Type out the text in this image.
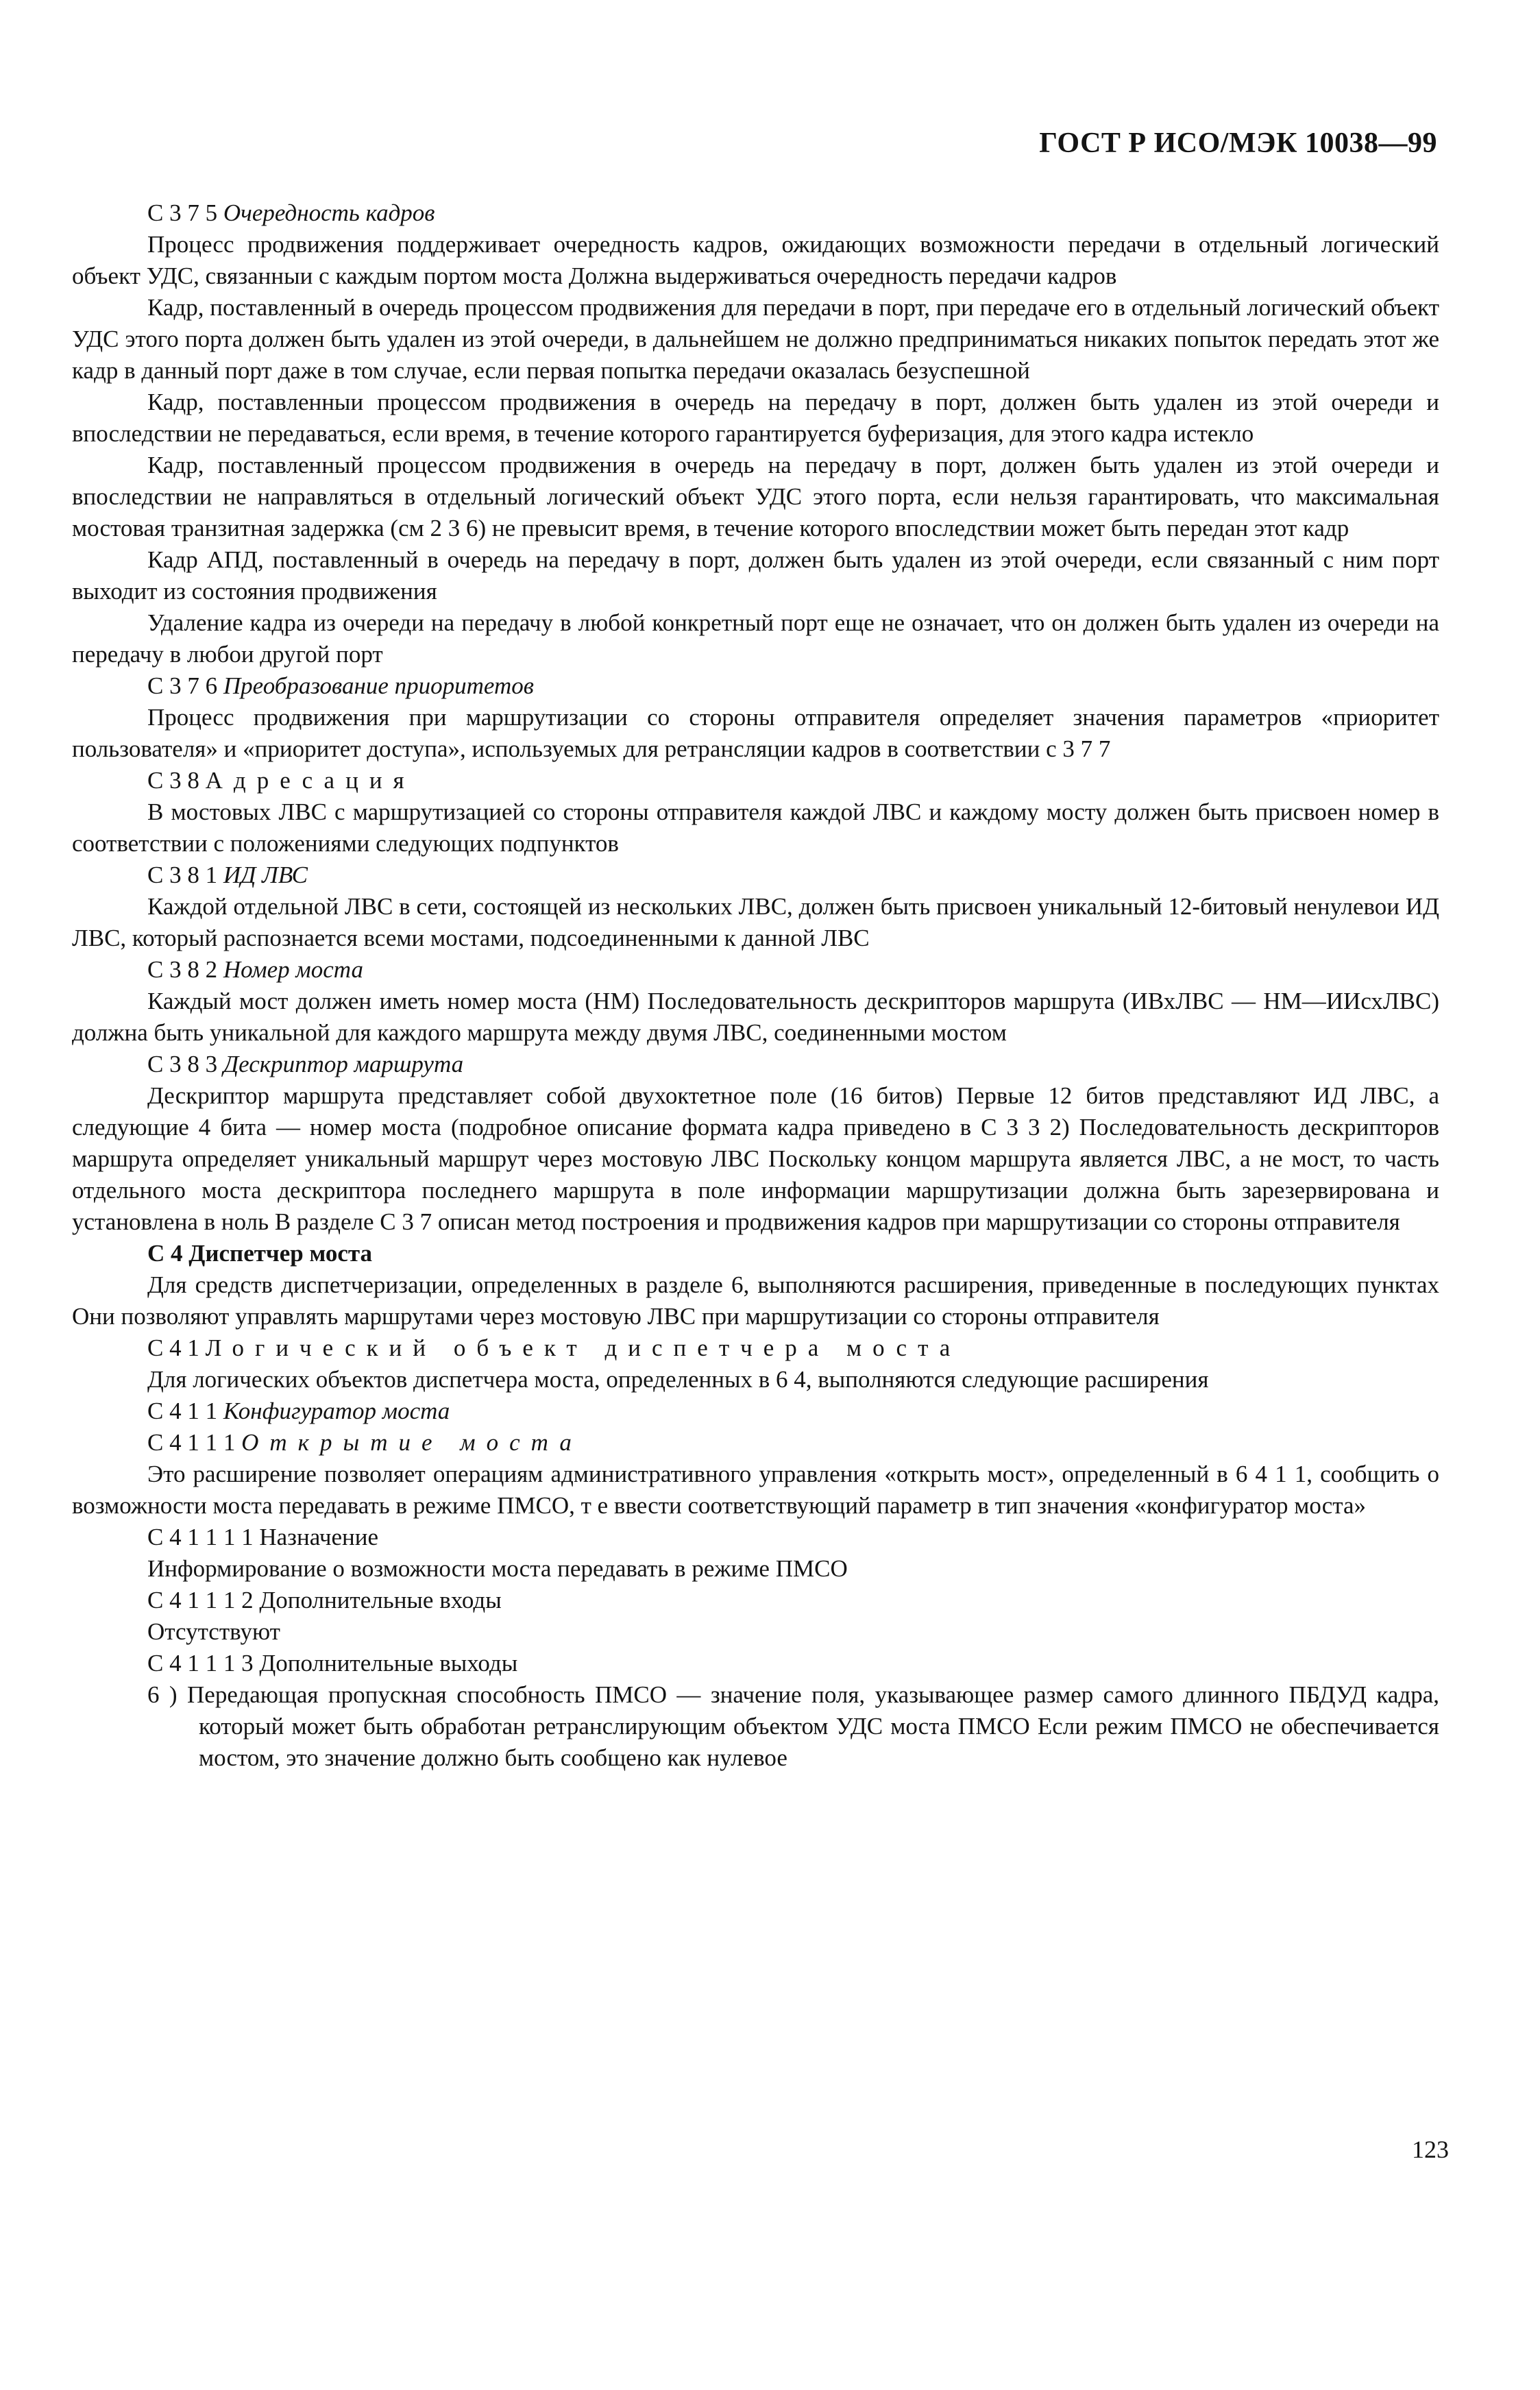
ГОСТ Р ИСО/МЭК 10038—99

С 3 7 5 Очередность кадров

Процесс продвижения поддерживает очередность кадров, ожидающих возможности передачи в отдельный логический объект УДС, связанныи с каждым портом моста Должна выдерживаться очередность передачи кадров

Кадр, поставленный в очередь процессом продвижения для передачи в порт, при передаче его в отдельный логический объект УДС этого порта должен быть удален из этой очереди, в дальнейшем не должно предприниматься никаких попыток передать этот же кадр в данный порт даже в том случае, если первая попытка передачи оказалась безуспешной

Кадр, поставленныи процессом продвижения в очередь на передачу в порт, должен быть удален из этой очереди и впоследствии не передаваться, если время, в течение которого гарантируется буферизация, для этого кадра истекло

Кадр, поставленный процессом продвижения в очередь на передачу в порт, должен быть удален из этой очереди и впоследствии не направляться в отдельный логический объект УДС этого порта, если нельзя гарантировать, что максимальная мостовая транзитная задержка (см 2 3 6) не превысит время, в течение которого впоследствии может быть передан этот кадр

Кадр АПД, поставленный в очередь на передачу в порт, должен быть удален из этой очереди, если связанный с ним порт выходит из состояния продвижения

Удаление кадра из очереди на передачу в любой конкретный порт еще не означает, что он должен быть удален из очереди на передачу в любои другой порт

С 3 7 6 Преобразование приоритетов

Процесс продвижения при маршрутизации со стороны отправителя определяет значения параметров «приоритет пользователя» и «приоритет доступа», используемых для ретрансляции кадров в соответствии с 3 7 7

С 3 8 Адресация

В мостовых ЛВС с маршрутизацией со стороны отправителя каждой ЛВС и каждому мосту должен быть присвоен номер в соответствии с положениями следующих подпунктов

С 3 8 1 ИД ЛВС

Каждой отдельной ЛВС в сети, состоящей из нескольких ЛВС, должен быть присвоен уникальный 12-битовый ненулевои ИД ЛВС, который распознается всеми мостами, подсоединенными к данной ЛВС

С 3 8 2 Номер моста

Каждый мост должен иметь номер моста (НМ) Последовательность дескрипторов маршрута (ИВхЛВС — НМ—ИИсхЛВС) должна быть уникальной для каждого маршрута между двумя ЛВС, соединенными мостом

С 3 8 3 Дескриптор маршрута

Дескриптор маршрута представляет собой двухоктетное поле (16 битов) Первые 12 битов представляют ИД ЛВС, а следующие 4 бита — номер моста (подробное описание формата кадра приведено в С 3 3 2) Последовательность дескрипторов маршрута определяет уникальный маршрут через мостовую ЛВС Поскольку концом маршрута является ЛВС, а не мост, то часть отдельного моста дескриптора последнего маршрута в поле информации маршрутизации должна быть зарезервирована и установлена в ноль В разделе С 3 7 описан метод построения и продвижения кадров при маршрутизации со стороны отправителя

С 4 Диспетчер моста

Для средств диспетчеризации, определенных в разделе 6, выполняются расширения, приведенные в последующих пунктах Они позволяют управлять маршрутами через мостовую ЛВС при маршрутизации со стороны отправителя

С 4 1 Логический объект диспетчера моста

Для логических объектов диспетчера моста, определенных в 6 4, выполняются следующие расширения

С 4 1 1 Конфигуратор моста

С 4 1 1 1 Открытие моста

Это расширение позволяет операциям административного управления «открыть мост», определенный в 6 4 1 1, сообщить о возможности моста передавать в режиме ПМСО, т е ввести соответствующий параметр в тип значения «конфигуратор моста»

С 4 1 1 1 1 Назначение

Информирование о возможности моста передавать в режиме ПМСО

С 4 1 1 1 2 Дополнительные входы

Отсутствуют

С 4 1 1 1 3 Дополнительные выходы

6 ) Передающая пропускная способность ПМСО — значение поля, указывающее размер самого длинного ПБДУД кадра, который может быть обработан ретранслирующим объектом УДС моста ПМСО Если режим ПМСО не обеспечивается мостом, это значение должно быть сообщено как нулевое

123
